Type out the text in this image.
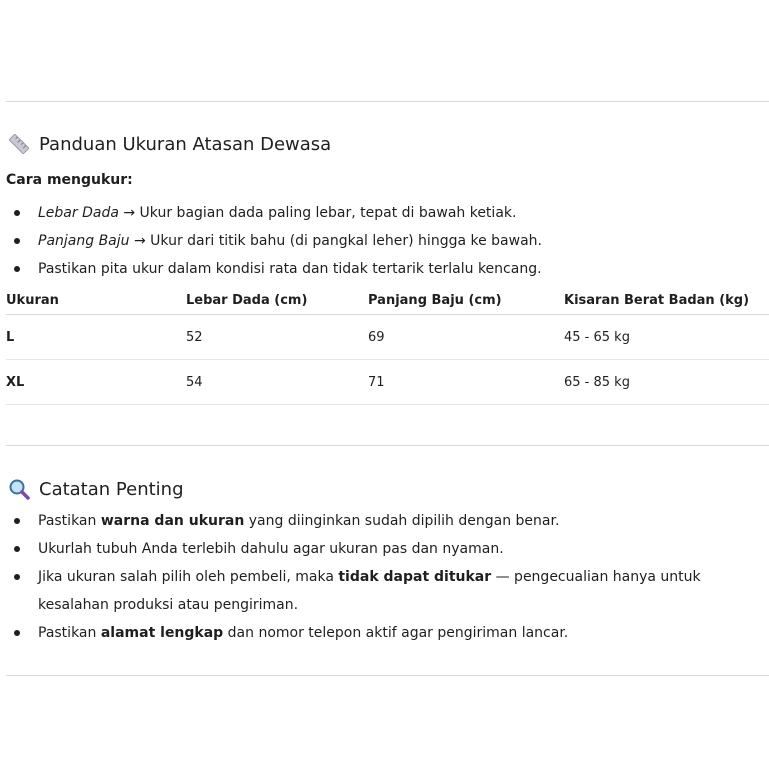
Panduan Ukuran Atasan Dewasa
Cara mengukur:
Lebar Dada → Ukur bagian dada paling lebar, tepat di bawah ketiak.
Panjang Baju → Ukur dari titik bahu (di pangkal leher) hingga ke bawah.
Pastikan pita ukur dalam kondisi rata dan tidak tertarik terlalu kencang.
Ukuran	Lebar Dada (cm)	Panjang Baju (cm)	Kisaran Berat Badan (kg)
L	52	69	45 - 65 kg
XL	54	71	65 - 85 kg
Catatan Penting
Pastikan warna dan ukuran yang diinginkan sudah dipilih dengan benar.
Ukurlah tubuh Anda terlebih dahulu agar ukuran pas dan nyaman.
Jika ukuran salah pilih oleh pembeli, maka tidak dapat ditukar — pengecualian hanya untuk kesalahan produksi atau pengiriman.
Pastikan alamat lengkap dan nomor telepon aktif agar pengiriman lancar.
